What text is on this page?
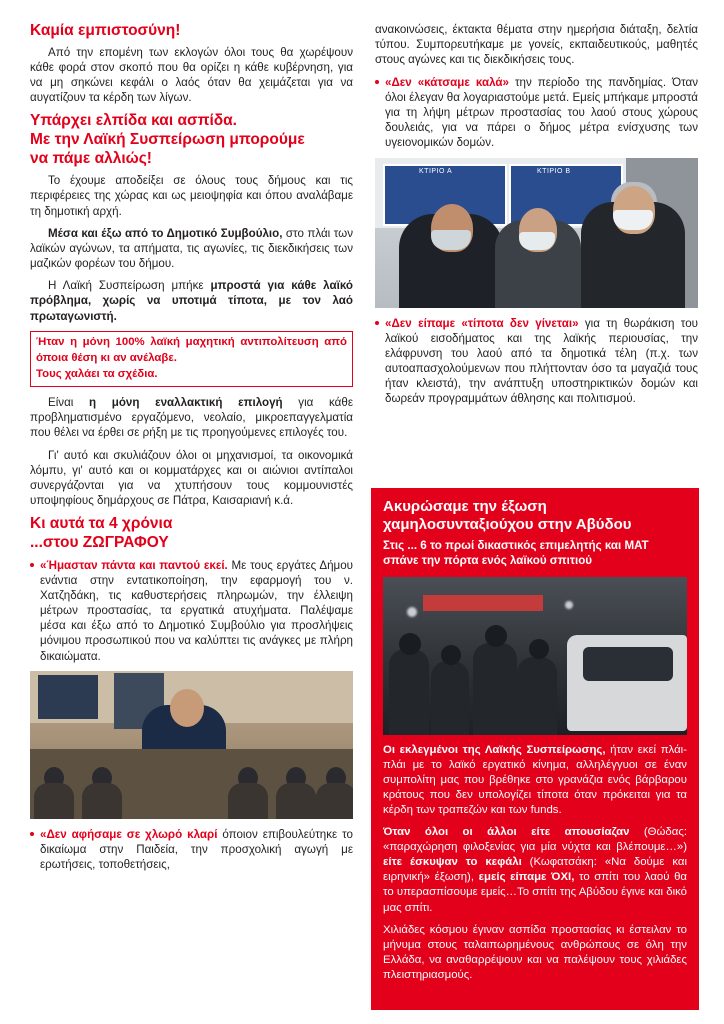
Καμία εμπιστοσύνη!

Από την επομένη των εκλογών όλοι τους θα χωρέψουν κάθε φορά στον σκοπό που θα ορίζει η κάθε κυβέρνηση, για να μη σηκώνει κεφάλι ο λαός όταν θα χειμάζεται για να αυγατίζουν τα κέρδη των λίγων.

Υπάρχει ελπίδα και ασπίδα.
Με την Λαϊκή Συσπείρωση μπορούμε
να πάμε αλλιώς!

Το έχουμε αποδείξει σε όλους τους δήμους και τις περιφέρειες της χώρας και ως μειοψηφία και όπου αναλάβαμε τη δημοτική αρχή.

Μέσα και έξω από το Δημοτικό Συμβούλιο, στο πλάι των λαϊκών αγώνων, τα απήματα, τις αγωνίες, τις διεκδικήσεις των μαζικών φορέων του δήμου.

Η Λαϊκή Συσπείρωση μπήκε μπροστά για κάθε λαϊκό πρόβλημα, χωρίς να υποτιμά τίποτα, με τον λαό πρωταγωνιστή.

Ήταν η μόνη 100% λαϊκή μαχητική αντιπολίτευση από όποια θέση κι αν ανέλαβε.
Τους χαλάει τα σχέδια.

Είναι η μόνη εναλλακτική επιλογή για κάθε προβληματισμένο εργαζόμενο, νεολαίο, μικροεπαγγελματία που θέλει να έρθει σε ρήξη με τις προηγούμενες επιλογές του.

Γι' αυτό και σκυλιάζουν όλοι οι μηχανισμοί, τα οικονομικά λόμπυ, γι' αυτό και οι κομματάρχες και οι αιώνιοι αντίπαλοι συνεργάζονται για να χτυπήσουν τους κομμουνιστές υποψηφίους δημάρχους σε Πάτρα, Καισαριανή κ.ά.

Κι αυτά τα 4 χρόνια
...στου ΖΩΓΡΑΦΟΥ

«Ήμασταν πάντα και παντού εκεί. Με τους εργάτες Δήμου ενάντια στην εντατικοποίηση, την εφαρμογή του ν. Χατζηδάκη, τις καθυστερήσεις πληρωμών, την έλλειψη μέτρων προστασίας, τα εργατικά ατυχήματα. Παλέψαμε μέσα και έξω από το Δημοτικό Συμβούλιο για προσλήψεις μόνιμου προσωπικού που να καλύπτει τις ανάγκες με πλήρη δικαιώματα.

«Δεν αφήσαμε σε χλωρό κλαρί όποιον επιβουλεύτηκε το δικαίωμα στην Παιδεία, την προσχολική αγωγή με ερωτήσεις, τοποθετήσεις,

ανακοινώσεις, έκτακτα θέματα στην ημερήσια διάταξη, δελτία τύπου. Συμπορευτήκαμε με γονείς, εκπαιδευτικούς, μαθητές στους αγώνες και τις διεκδικήσεις τους.

«Δεν «κάτσαμε καλά» την περίοδο της πανδημίας. Όταν όλοι έλεγαν θα λογαριαστούμε μετά. Εμείς μπήκαμε μπροστά για τη λήψη μέτρων προστασίας του λαού στους χώρους δουλειάς, για να πάρει ο δήμος μέτρα ενίσχυσης των υγειονομικών δομών.

ΚΤΙΡΙΟ Α	ΚΤΙΡΙΟ Β

«Δεν είπαμε «τίποτα δεν γίνεται» για τη θωράκιση του λαϊκού εισοδήματος και της λαϊκής περιουσίας, την ελάφρυνση του λαού από τα δημοτικά τέλη (π.χ. των αυτοαπασχολούμενων που πλήττονταν όσο τα μαγαζιά τους ήταν κλειστά), την ανάπτυξη υποστηρικτικών δομών και δωρεάν προγραμμάτων άθλησης και πολιτισμού.

Ακυρώσαμε την έξωση
χαμηλοσυνταξιούχου στην Αβύδου
Στις ... 6 το πρωί δικαστικός επιμελητής και ΜΑΤ
σπάνε την πόρτα ενός λαϊκού σπιτιού

Οι εκλεγμένοι της Λαϊκής Συσπείρωσης, ήταν εκεί πλάι-πλάι με το λαϊκό εργατικό κίνημα, αλληλέγγυοι σε έναν συμπολίτη μας που βρέθηκε στο γρανάζια ενός βάρβαρου κράτους που δεν υπολογίζει τίποτα όταν πρόκειται για τα κέρδη των τραπεζών και των funds.

Όταν όλοι οι άλλοι είτε απουσίαζαν (Θώδας: «παραχώρηση φιλοξενίας για μία νύχτα και βλέπουμε…») είτε έσκυψαν το κεφάλι (Κωφατσάκη: «Να δούμε και ειρηνική» έξωση), εμείς είπαμε ΌΧΙ, το σπίτι του λαού θα το υπερασπίσουμε εμείς…Το σπίτι της Αβύδου έγινε και δικό μας σπίτι.

Χιλιάδες κόσμου έγιναν ασπίδα προστασίας κι έστειλαν το μήνυμα στους ταλαιπωρημένους ανθρώπους σε όλη την Ελλάδα, να αναθαρρέψουν και να παλέψουν τους χιλιάδες πλειστηριασμούς.
